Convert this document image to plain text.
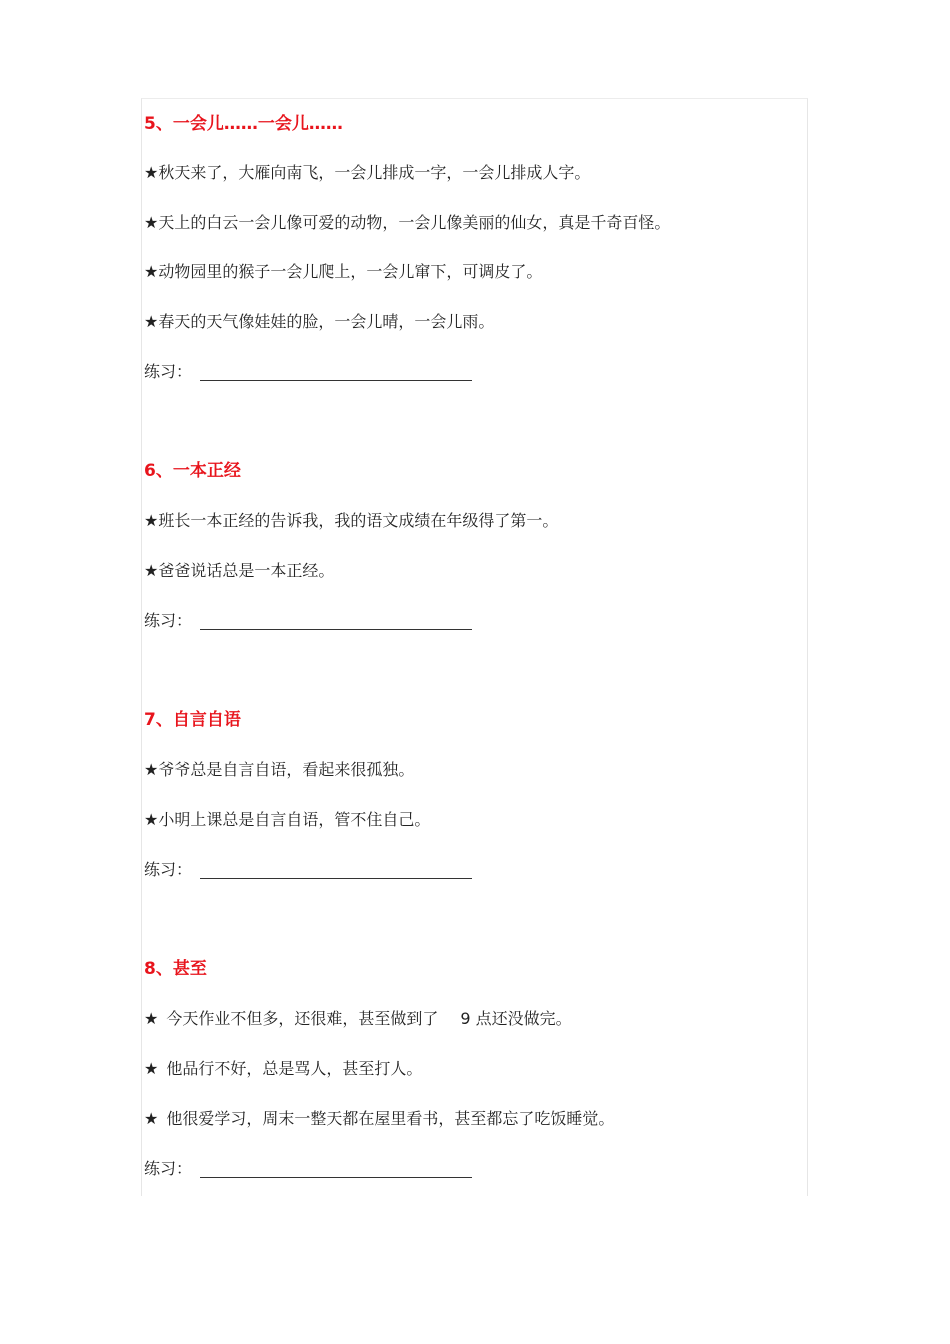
5、一会儿……一会儿……
★秋天来了，大雁向南飞，一会儿排成一字，一会儿排成人字。
★天上的白云一会儿像可爱的动物，一会儿像美丽的仙女，真是千奇百怪。
★动物园里的猴子一会儿爬上，一会儿窜下，可调皮了。
★春天的天气像娃娃的脸，一会儿晴，一会儿雨。
练习：
6、一本正经
★班长一本正经的告诉我，我的语文成绩在年级得了第一。
★爸爸说话总是一本正经。
练习：
7、自言自语
★爷爷总是自言自语，看起来很孤独。
★小明上课总是自言自语，管不住自己。
练习：
8、甚至
★ 今天作业不但多，还很难，甚至做到了 9 点还没做完。
★ 他品行不好，总是骂人，甚至打人。
★ 他很爱学习，周末一整天都在屋里看书，甚至都忘了吃饭睡觉。
练习：
